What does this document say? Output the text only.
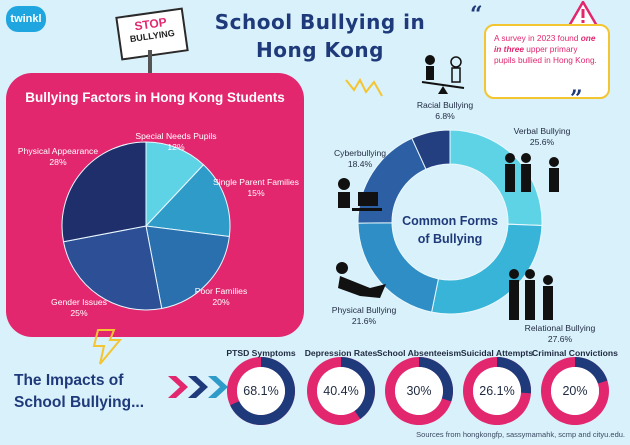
twinkl	STOP
BULLYING
School Bullying in
Hong Kong
“
A survey in 2023 found one in three upper primary pupils bullied in Hong Kong.
”
Bullying Factors in Hong Kong Students
Special Needs Pupils
12%
Single Parent Families
15%
Poor Families
20%
Gender Issues
25%
Physical Appearance
28%
Common Forms
of Bullying
Verbal Bullying
25.6%
Relational Bullying
27.6%
Physical Bullying
21.6%
Cyberbullying
18.4%
Racial Bullying
6.8%
The Impacts of
School Bullying...
PTSD Symptoms	Depression Rates School Absenteeism Suicidal Attempts
Criminal Convictions
68.1%	40.4%	30%	26.1%	20%
Sources from hongkongfp, sassymamahk, scmp and cityu.edu.
